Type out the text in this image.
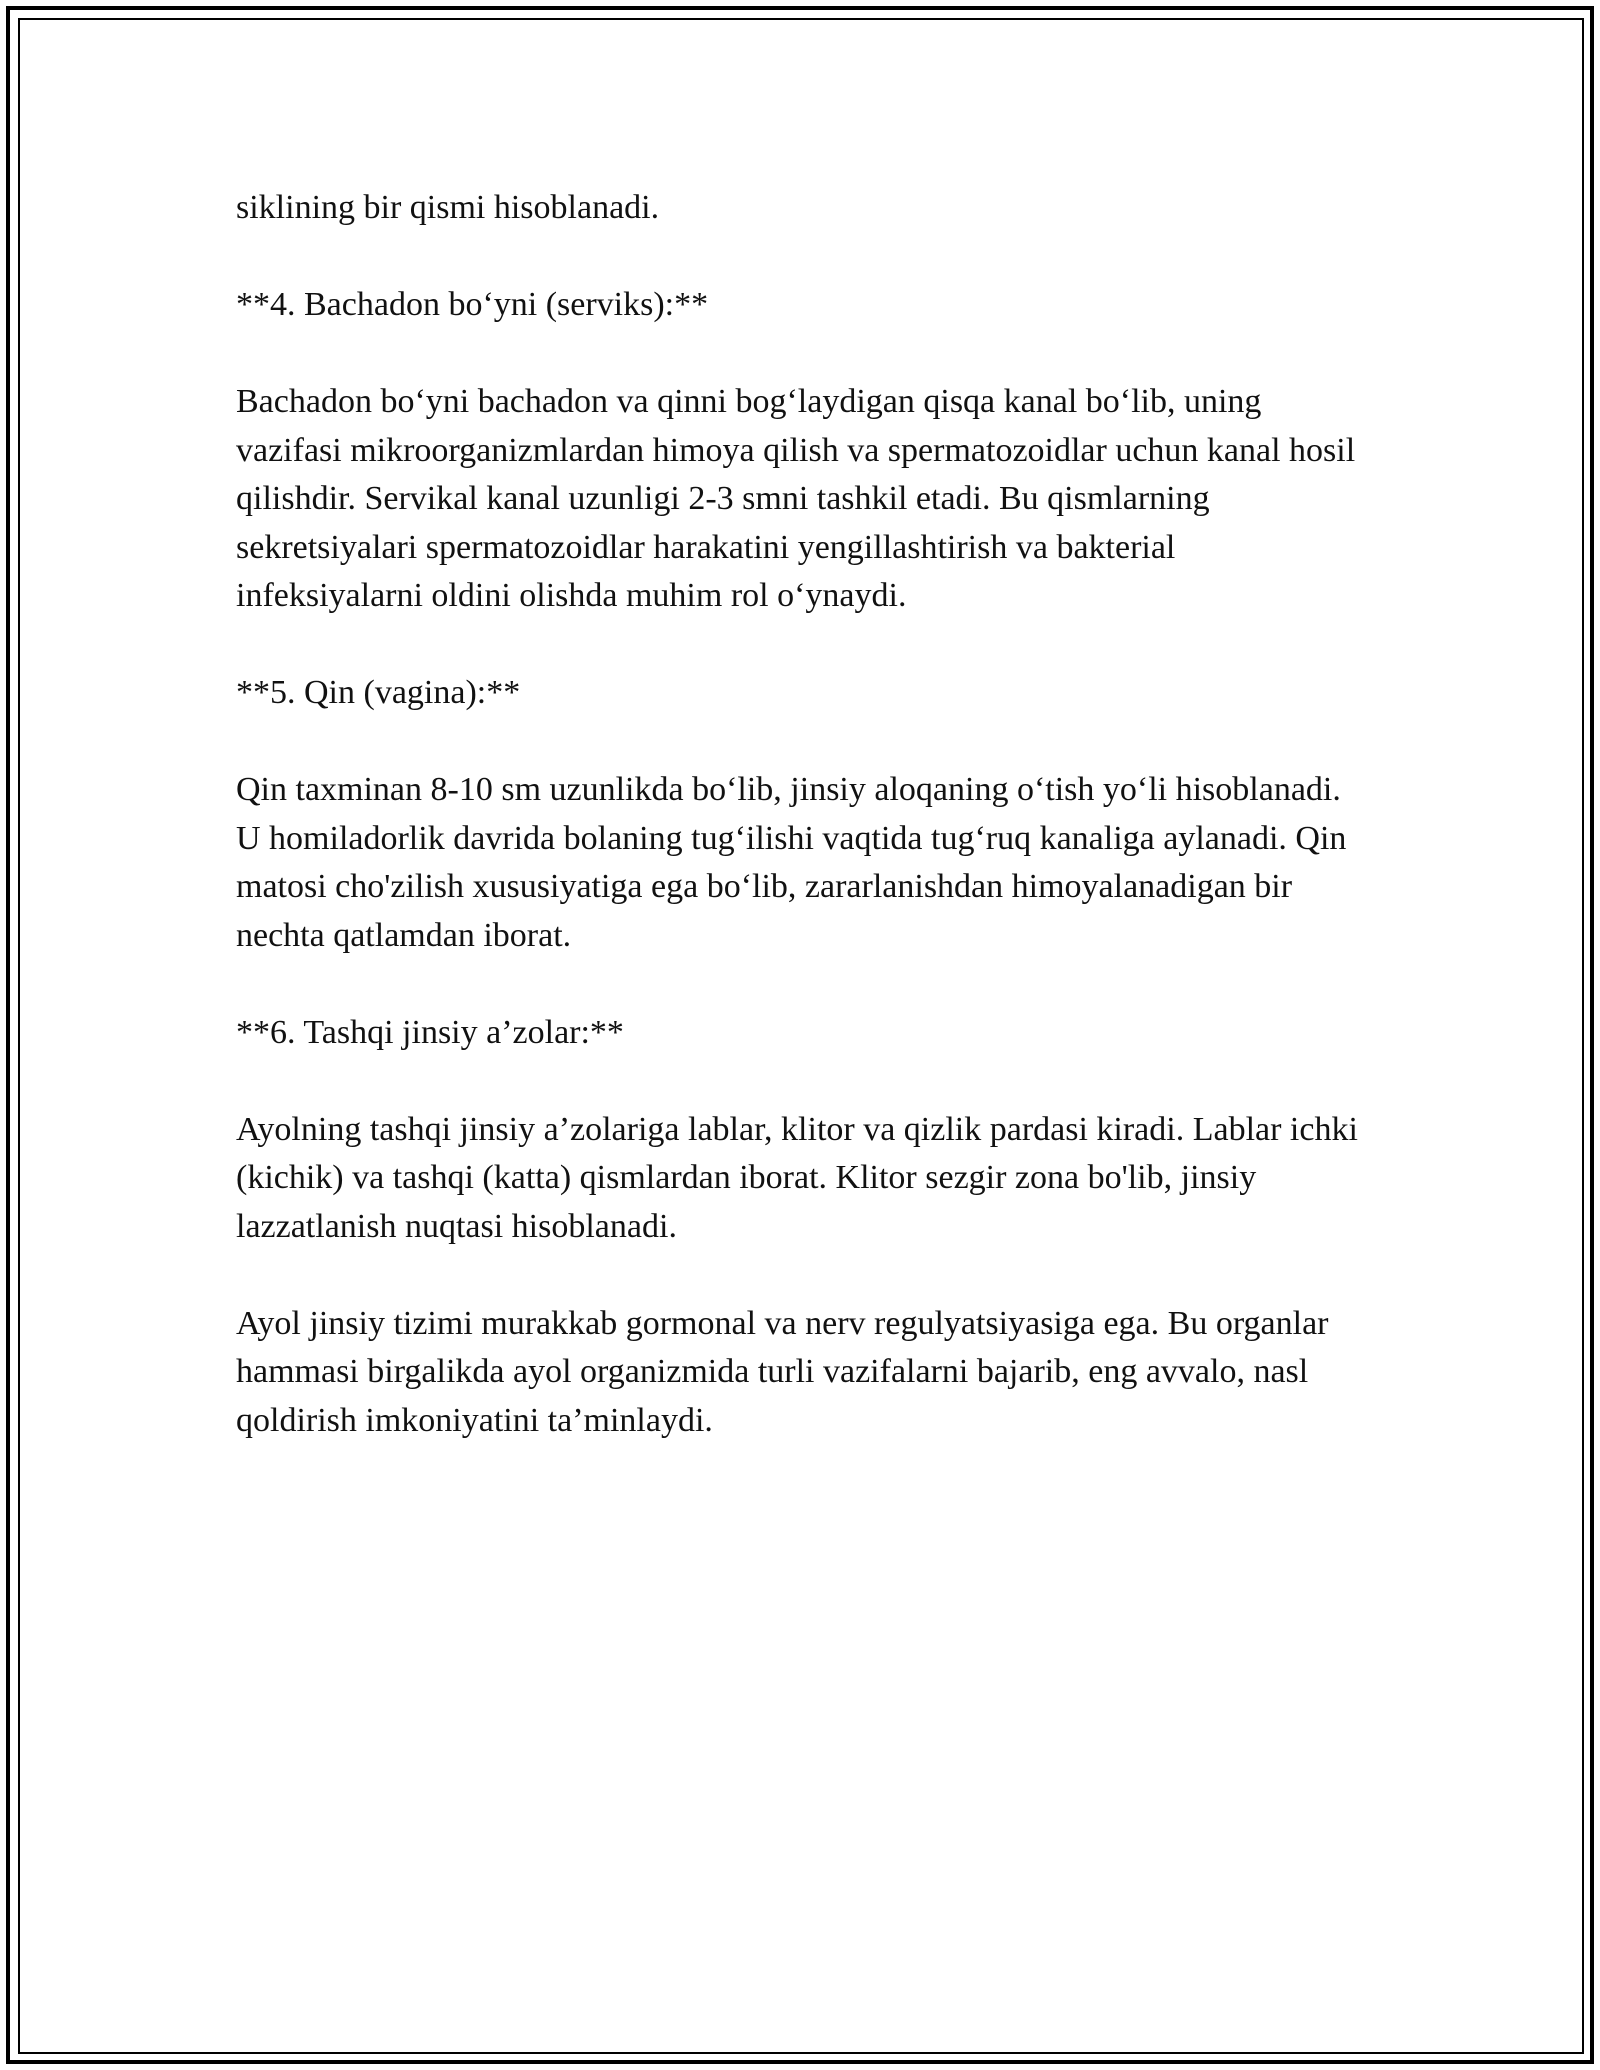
siklining bir qismi hisoblanadi.

**4. Bachadon bo‘yni (serviks):**

Bachadon bo‘yni bachadon va qinni bog‘laydigan qisqa kanal bo‘lib, uning vazifasi mikroorganizmlardan himoya qilish va spermatozoidlar uchun kanal hosil qilishdir. Servikal kanal uzunligi 2-3 smni tashkil etadi. Bu qismlarning sekretsiyalari spermatozoidlar harakatini yengillashtirish va bakterial infeksiyalarni oldini olishda muhim rol o‘ynaydi.

**5. Qin (vagina):**

Qin taxminan 8-10 sm uzunlikda bo‘lib, jinsiy aloqaning o‘tish yo‘li hisoblanadi. U homiladorlik davrida bolaning tug‘ilishi vaqtida tug‘ruq kanaliga aylanadi. Qin matosi cho'zilish xususiyatiga ega bo‘lib, zararlanishdan himoyalanadigan bir nechta qatlamdan iborat.

**6. Tashqi jinsiy a’zolar:**

Ayolning tashqi jinsiy a’zolariga lablar, klitor va qizlik pardasi kiradi. Lablar ichki (kichik) va tashqi (katta) qismlardan iborat. Klitor sezgir zona bo'lib, jinsiy lazzatlanish nuqtasi hisoblanadi.

Ayol jinsiy tizimi murakkab gormonal va nerv regulyatsiyasiga ega. Bu organlar hammasi birgalikda ayol organizmida turli vazifalarni bajarib, eng avvalo, nasl qoldirish imkoniyatini ta’minlaydi.
